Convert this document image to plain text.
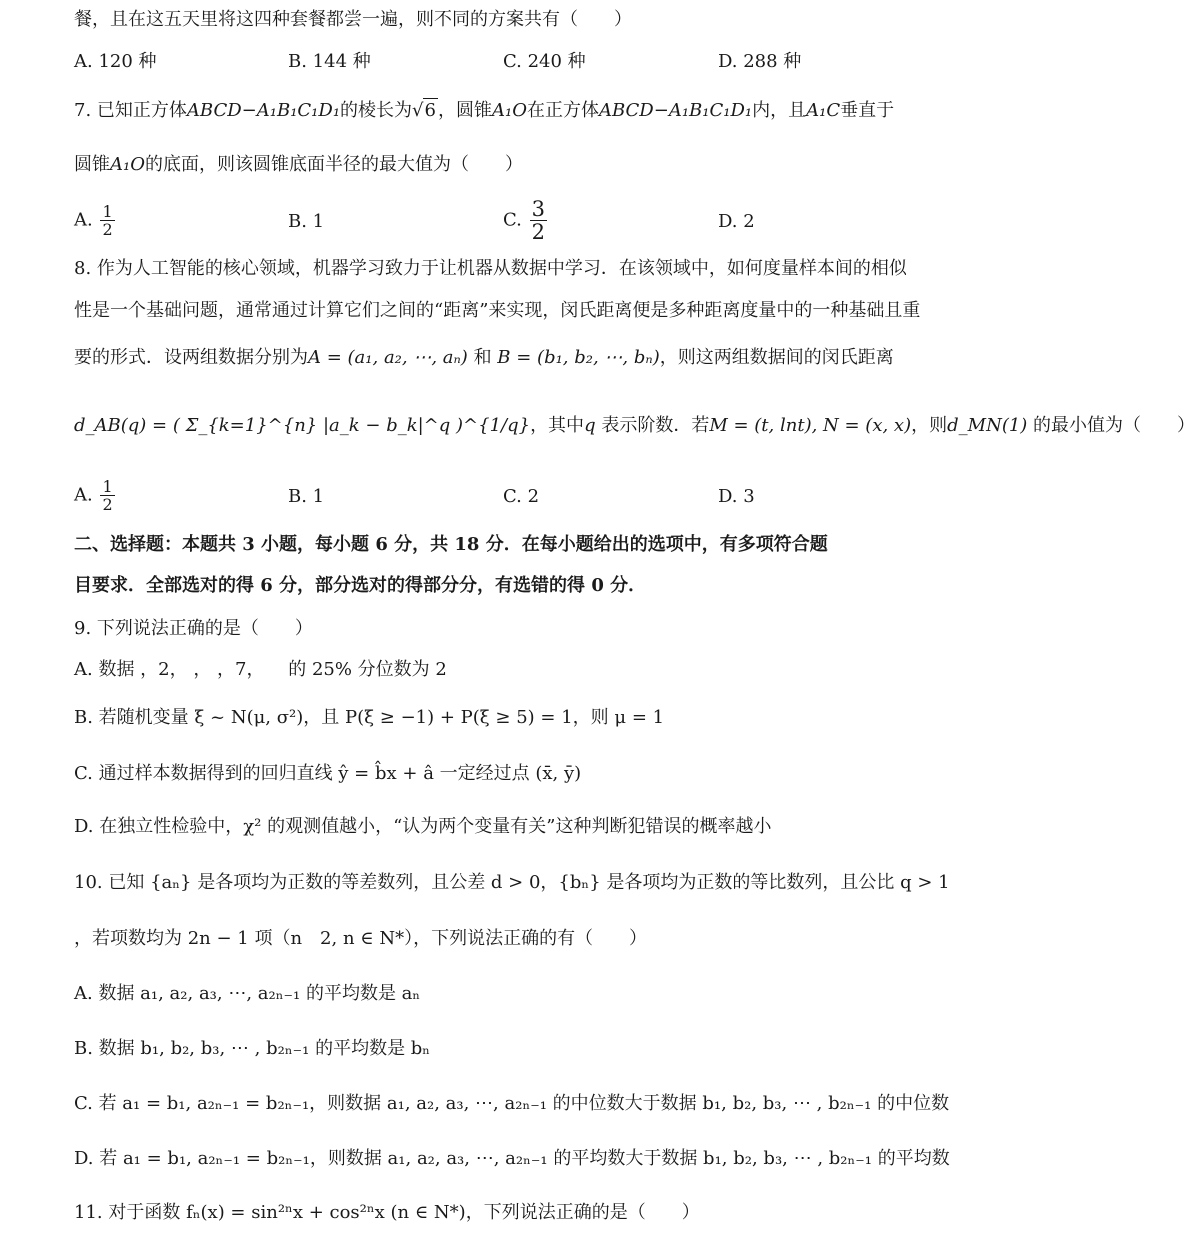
餐，且在这五天里将这四种套餐都尝一遍，则不同的方案共有（　　）
A. 120 种	B. 144 种	C. 240 种	D. 288 种
7. 已知正方体ABCD−A₁B₁C₁D₁的棱长为√6 ，圆锥A₁O在正方体ABCD−A₁B₁C₁D₁内，且A₁C垂直于
圆锥A₁O的底面，则该圆锥底面半径的最大值为（　　）
A. $\frac{1}{2}$	B. 1	C. $\frac{3}{2}$	D. 2
8. 作为人工智能的核心领域，机器学习致力于让机器从数据中学习．在该领域中，如何度量样本间的相似
性是一个基础问题，通常通过计算它们之间的“距离”来实现，闵氏距离便是多种距离度量中的一种基础且重
要的形式．设两组数据分别为A = (a₁, a₂, ⋯, aₙ) 和 B = (b₁, b₂, ⋯, bₙ)，则这两组数据间的闵氏距离
d_AB(q) = ( Σ_{k=1}^{n} |a_k − b_k|^q )^{1/q}，其中q 表示阶数．若M = (t, lnt), N = (x, x)，则d_MN(1) 的最小值为（　　）
A. $\frac{1}{2}$	B. 1	C. 2	D. 3
二、选择题：本题共 3 小题，每小题 6 分，共 18 分．在每小题给出的选项中，有多项符合题
目要求．全部选对的得 6 分，部分选对的得部分分，有选错的得 0 分．
9. 下列说法正确的是（　　）
A. 数据 ，2， ， ，7， 　的 25% 分位数为 2
B. 若随机变量 ξ ~ N(μ, σ²)，且 P(ξ ≥ −1) + P(ξ ≥ 5) = 1，则 μ = 1
C. 通过样本数据得到的回归直线 ŷ = b̂x + â 一定经过点 (x̄, ȳ)
D. 在独立性检验中，χ² 的观测值越小，“认为两个变量有关”这种判断犯错误的概率越小
10. 已知 {aₙ} 是各项均为正数的等差数列，且公差 d > 0，{bₙ} 是各项均为正数的等比数列，且公比 q > 1
，若项数均为 2n − 1 项（n　2, n ∈ N*），下列说法正确的有（　　）
A. 数据 a₁, a₂, a₃, ⋯, a₂ₙ₋₁ 的平均数是 aₙ
B. 数据 b₁, b₂, b₃, ⋯ , b₂ₙ₋₁ 的平均数是 bₙ
C. 若 a₁ = b₁, a₂ₙ₋₁ = b₂ₙ₋₁，则数据 a₁, a₂, a₃, ⋯, a₂ₙ₋₁ 的中位数大于数据 b₁, b₂, b₃, ⋯ , b₂ₙ₋₁ 的中位数
D. 若 a₁ = b₁, a₂ₙ₋₁ = b₂ₙ₋₁，则数据 a₁, a₂, a₃, ⋯, a₂ₙ₋₁ 的平均数大于数据 b₁, b₂, b₃, ⋯ , b₂ₙ₋₁ 的平均数
11. 对于函数 fₙ(x) = sin²ⁿx + cos²ⁿx (n ∈ N*)，下列说法正确的是（　　）
